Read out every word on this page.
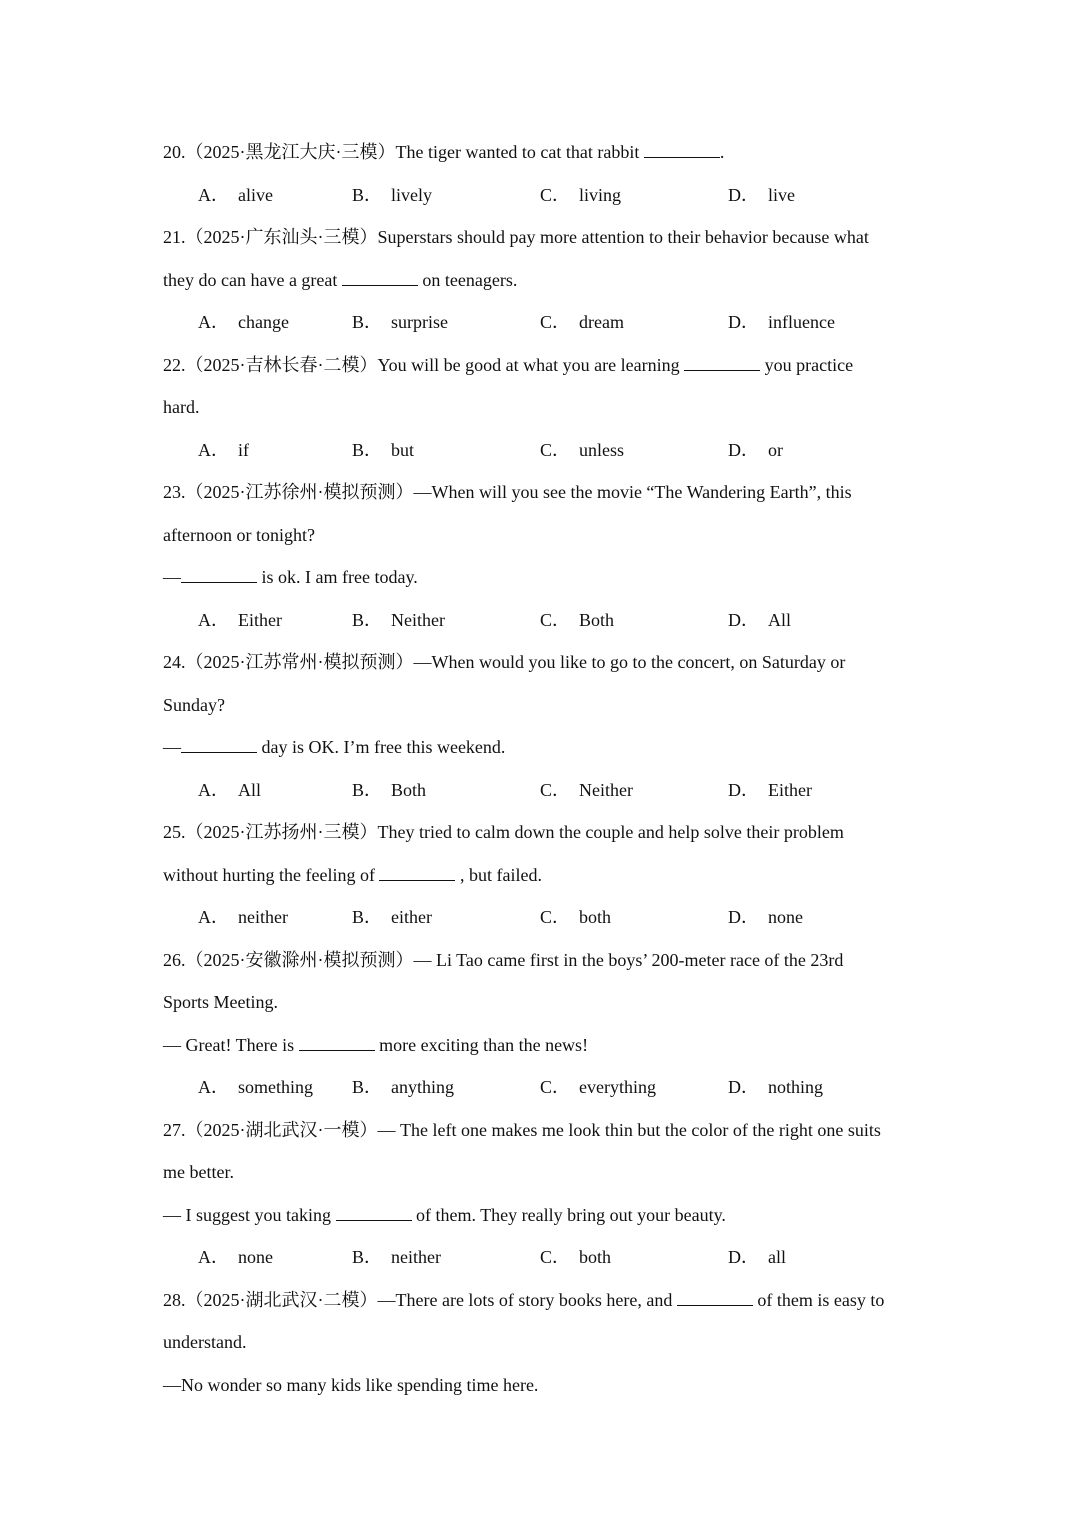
20.（2025·黑龙江大庆·三模）The tiger wanted to cat that rabbit	.
A． alive	B． lively	C． living	D． live
21.（2025·广东汕头·三模）Superstars should pay more attention to their behavior because what
they do can have a great	on teenagers.
A． change	B． surprise	C． dream	D． influence
22.（2025·吉林长春·二模）You will be good at what you are learning	you practice
hard.
A． if	B． but	C． unless	D． or
23.（2025·江苏徐州·模拟预测）—When will you see the movie “The Wandering Earth”, this
afternoon or tonight?
—	is ok. I am free today.
A． Either	B． Neither	C． Both	D． All
24.（2025·江苏常州·模拟预测）—When would you like to go to the concert, on Saturday or
Sunday?
—	day is OK. I’m free this weekend.
A． All	B． Both	C． Neither	D． Either
25.（2025·江苏扬州·三模）They tried to calm down the couple and help solve their problem
without hurting the feeling of	, but failed.
A． neither	B． either	C． both	D． none
26.（2025·安徽滁州·模拟预测）— Li Tao came first in the boys’ 200-meter race of the 23rd
Sports Meeting.
— Great! There is	more exciting than the news!
A． something B． anything	C． everything	D． nothing
27.（2025·湖北武汉·一模）— The left one makes me look thin but the color of the right one suits
me better.
— I suggest you taking	of them. They really bring out your beauty.
A． none	B． neither	C． both	D． all
28.（2025·湖北武汉·二模）—There are lots of story books here, and	of them is easy to
understand.
—No wonder so many kids like spending time here.
